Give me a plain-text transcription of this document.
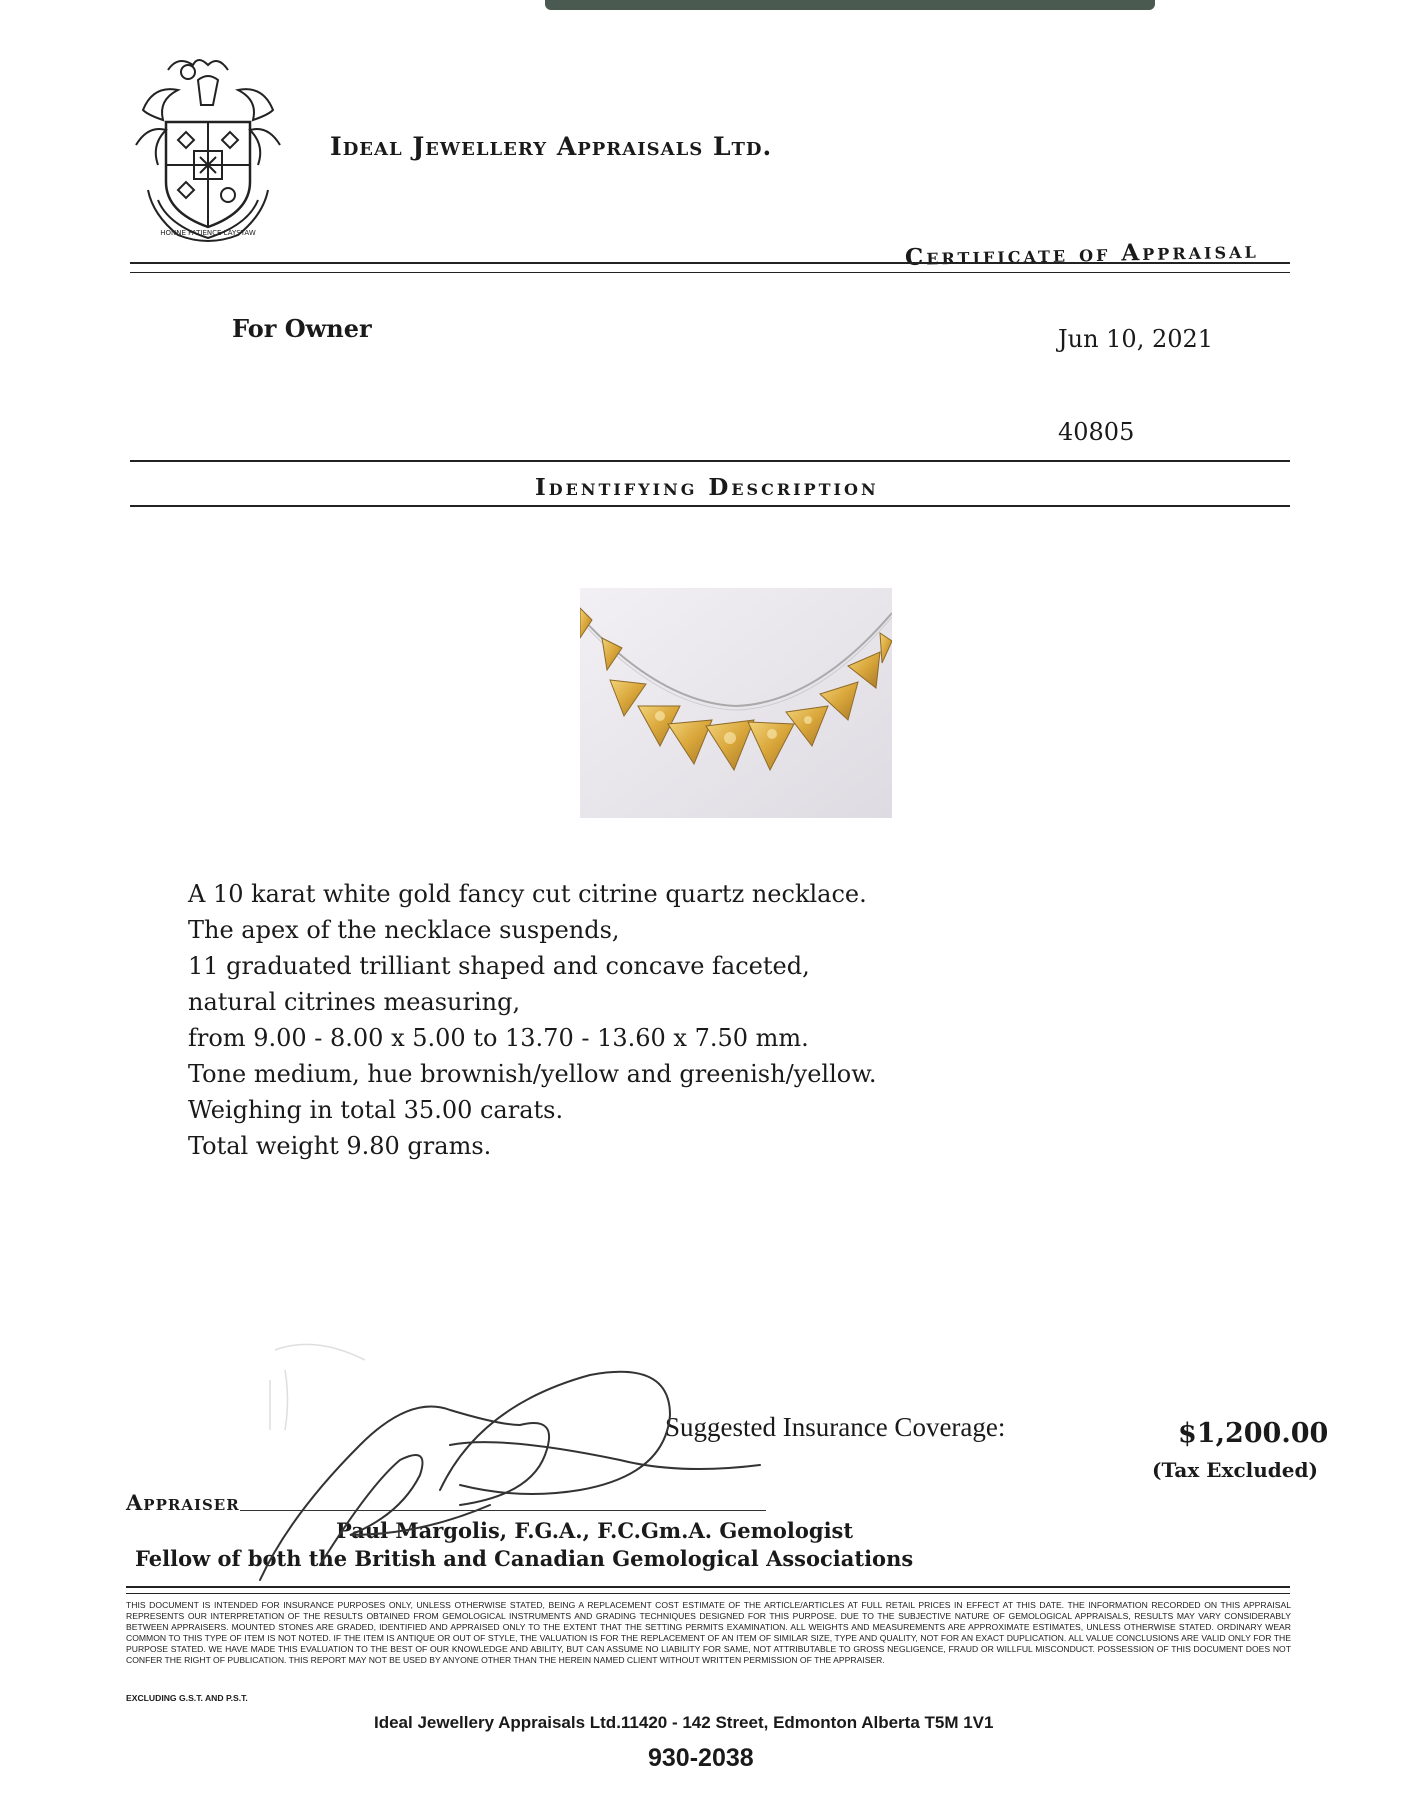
HONNE PATIENCE LAYSTAW
Ideal Jewellery Appraisals Ltd.
Certificate of Appraisal
For Owner	Jun 10, 2021
40805
Identifying Description
A 10 karat white gold fancy cut citrine quartz necklace.
The apex of the necklace suspends,
11 graduated trilliant shaped and concave faceted,
natural citrines measuring,
from 9.00 - 8.00 x 5.00 to 13.70 - 13.60 x 7.50 mm.
Tone medium, hue brownish/yellow and greenish/yellow.
Weighing in total 35.00 carats.
Total weight 9.80 grams.
Suggested Insurance Coverage:	$1,200.00
(Tax Excluded)
Appraiser
Paul Margolis, F.G.A., F.C.Gm.A. Gemologist
Fellow of both the British and Canadian Gemological Associations
THIS DOCUMENT IS INTENDED FOR INSURANCE PURPOSES ONLY, UNLESS OTHERWISE STATED, BEING A REPLACEMENT COST ESTIMATE OF THE ARTICLE/ARTICLES AT FULL RETAIL PRICES IN EFFECT AT THIS DATE. THE INFORMATION RECORDED ON THIS APPRAISAL REPRESENTS OUR INTERPRETATION OF THE RESULTS OBTAINED FROM GEMOLOGICAL INSTRUMENTS AND GRADING TECHNIQUES DESIGNED FOR THIS PURPOSE. DUE TO THE SUBJECTIVE NATURE OF GEMOLOGICAL APPRAISALS, RESULTS MAY VARY CONSIDERABLY BETWEEN APPRAISERS. MOUNTED STONES ARE GRADED, IDENTIFIED AND APPRAISED ONLY TO THE EXTENT THAT THE SETTING PERMITS EXAMINATION. ALL WEIGHTS AND MEASUREMENTS ARE APPROXIMATE ESTIMATES, UNLESS OTHERWISE STATED. ORDINARY WEAR COMMON TO THIS TYPE OF ITEM IS NOT NOTED. IF THE ITEM IS ANTIQUE OR OUT OF STYLE, THE VALUATION IS FOR THE REPLACEMENT OF AN ITEM OF SIMILAR SIZE, TYPE AND QUALITY, NOT FOR AN EXACT DUPLICATION. ALL VALUE CONCLUSIONS ARE VALID ONLY FOR THE PURPOSE STATED. WE HAVE MADE THIS EVALUATION TO THE BEST OF OUR KNOWLEDGE AND ABILITY, BUT CAN ASSUME NO LIABILITY FOR SAME, NOT ATTRIBUTABLE TO GROSS NEGLIGENCE, FRAUD OR WILLFUL MISCONDUCT. POSSESSION OF THIS DOCUMENT DOES NOT CONFER THE RIGHT OF PUBLICATION. THIS REPORT MAY NOT BE USED BY ANYONE OTHER THAN THE HEREIN NAMED CLIENT WITHOUT WRITTEN PERMISSION OF THE APPRAISER.
EXCLUDING G.S.T. AND P.S.T.
Ideal Jewellery Appraisals Ltd.11420 - 142 Street, Edmonton Alberta T5M 1V1
930-2038
